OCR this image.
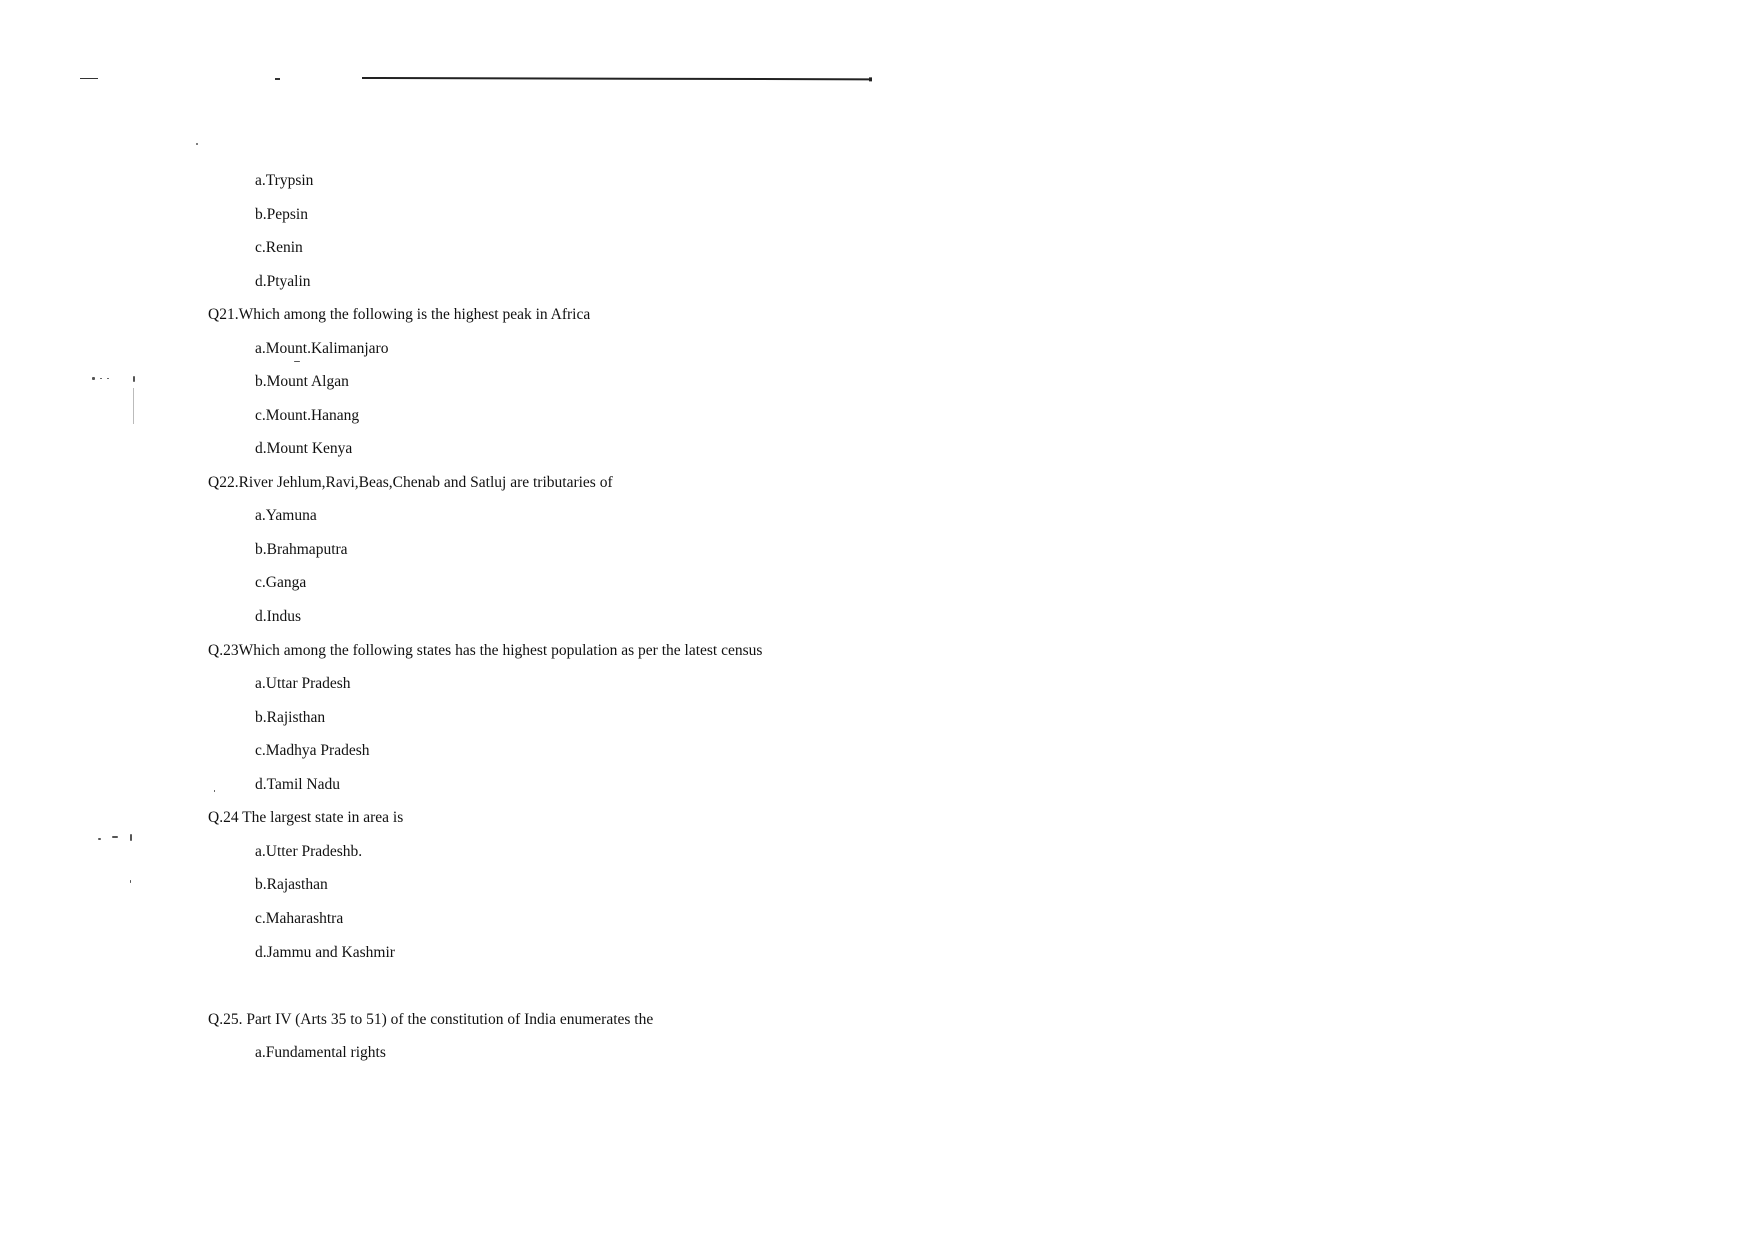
a.Trypsin
b.Pepsin
c.Renin
d.Ptyalin
Q21.Which among the following is the highest peak in Africa
a.Mount.Kalimanjaro
b.Mount Algan
c.Mount.Hanang
d.Mount Kenya
Q22.River Jehlum,Ravi,Beas,Chenab and Satluj are tributaries of
a.Yamuna
b.Brahmaputra
c.Ganga
d.Indus
Q.23Which among the following states has the highest population as per the latest census
a.Uttar Pradesh
b.Rajisthan
c.Madhya Pradesh
d.Tamil Nadu
Q.24 The largest state in area is
a.Utter Pradeshb.
b.Rajasthan
c.Maharashtra
d.Jammu and Kashmir
Q.25. Part IV (Arts 35 to 51) of the constitution of India enumerates the
a.Fundamental rights
